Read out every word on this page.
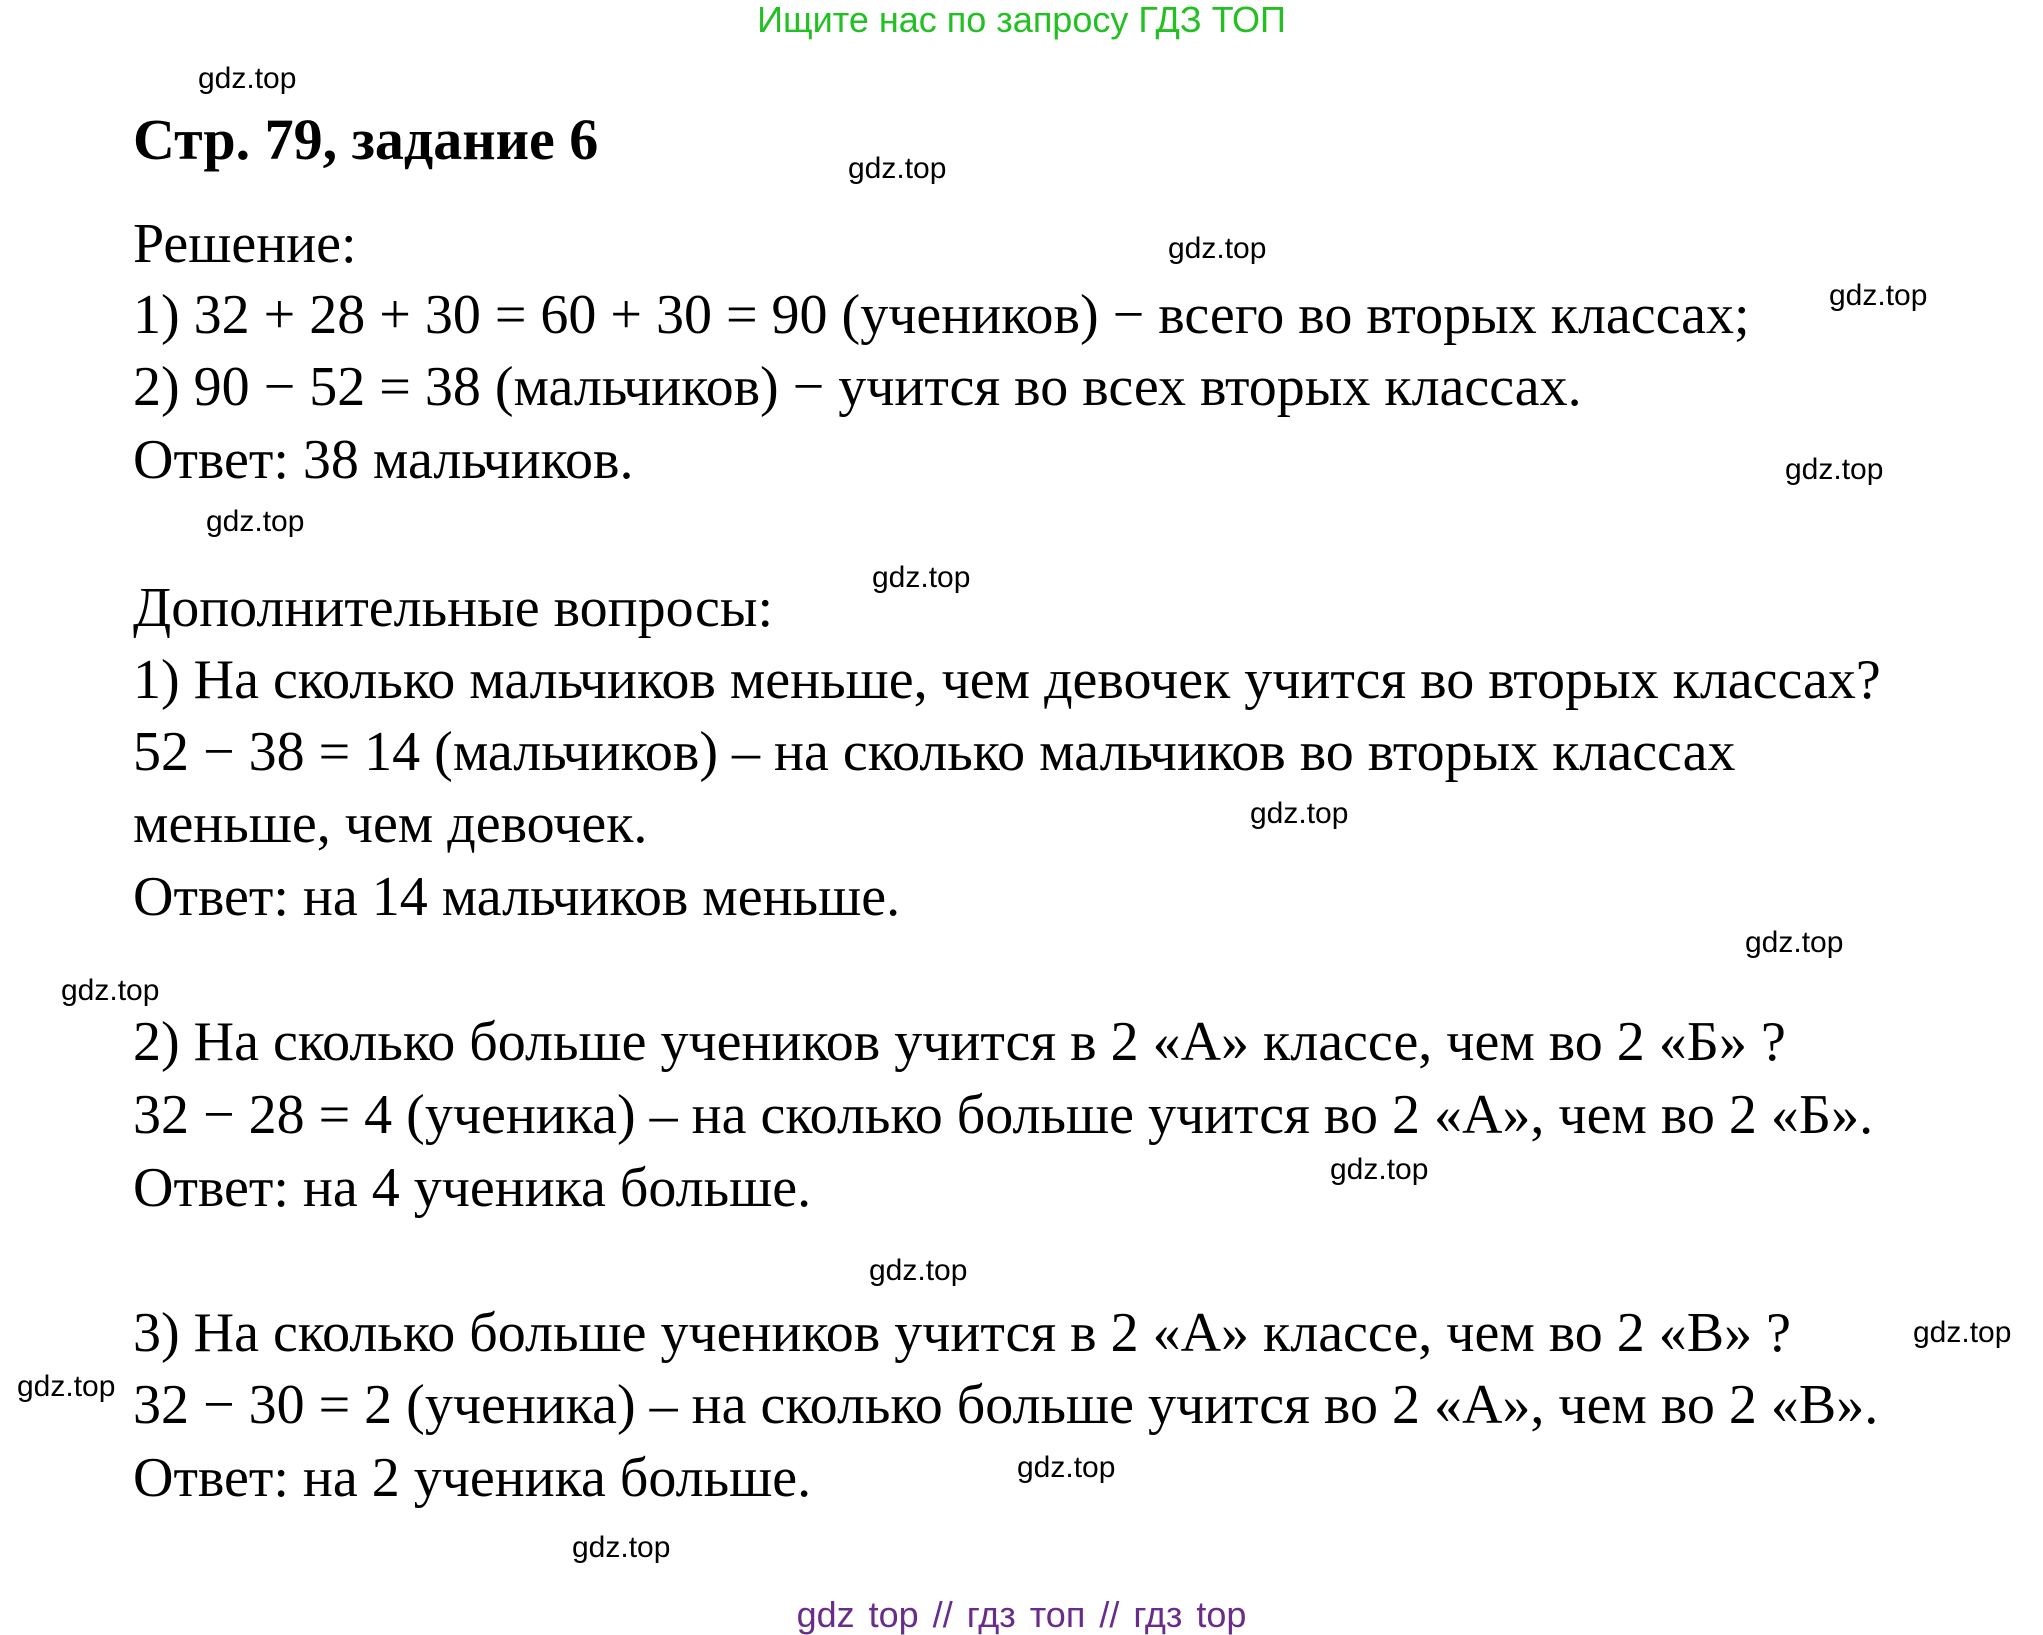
Ищите нас по запросу ГДЗ ТОП
Стр. 79, задание 6
Решение:
1) 32 + 28 + 30 = 60 + 30 = 90 (учеников) − всего во вторых классах;
2) 90 − 52 = 38 (мальчиков) − учится во всех вторых классах.
Ответ: 38 мальчиков.
Дополнительные вопросы:
1) На сколько мальчиков меньше, чем девочек учится во вторых классах?
52 − 38 = 14 (мальчиков) – на сколько мальчиков во вторых классах
меньше, чем девочек.
Ответ: на 14 мальчиков меньше.
2) На сколько больше учеников учится в 2 «А» классе, чем во 2 «Б» ?
32 − 28 = 4 (ученика) – на сколько больше учится во 2 «А», чем во 2 «Б».
Ответ: на 4 ученика больше.
3) На сколько больше учеников учится в 2 «А» классе, чем во 2 «В» ?
32 − 30 = 2 (ученика) – на сколько больше учится во 2 «А», чем во 2 «В».
Ответ: на 2 ученика больше.
gdz.top
gdz.top
gdz.top
gdz.top
gdz.top
gdz.top
gdz.top
gdz.top
gdz.top
gdz.top
gdz.top
gdz.top
gdz.top
gdz.top
gdz.top
gdz.top
gdz top // гдз топ // гдз top
